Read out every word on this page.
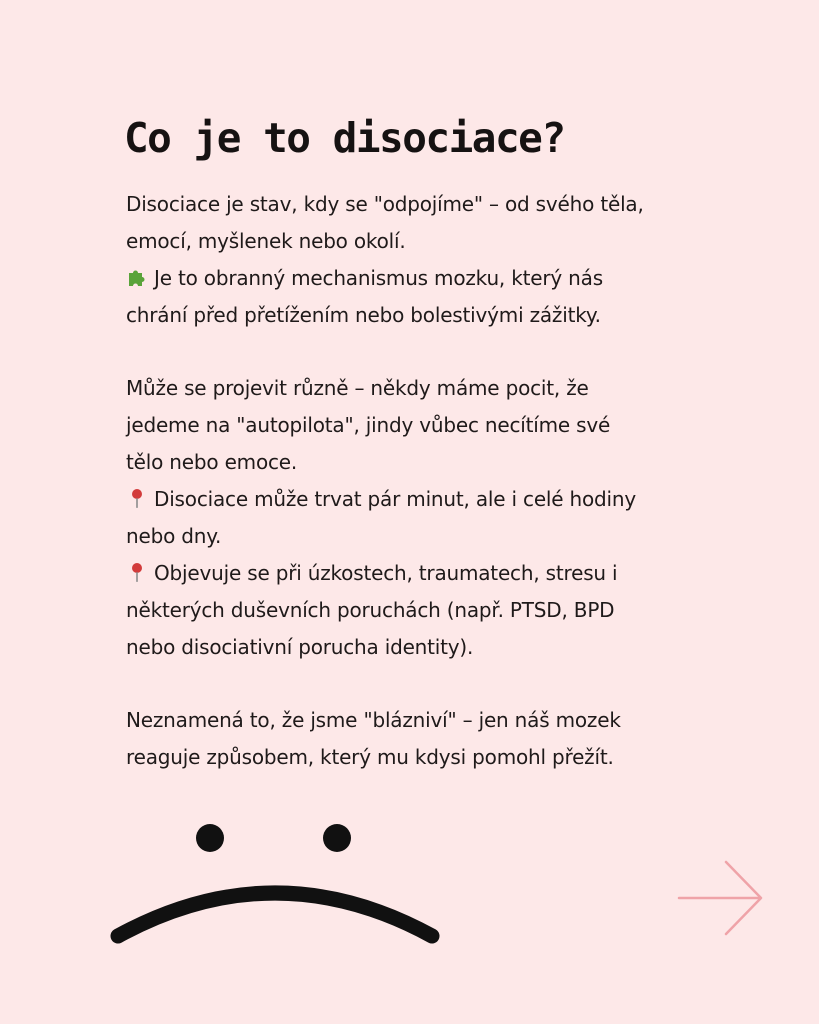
Co je to disociace?
Disociace je stav, kdy se "odpojíme" – od svého těla,
emocí, myšlenek nebo okolí.
Je to obranný mechanismus mozku, který nás
chrání před přetížením nebo bolestivými zážitky.
Může se projevit různě – někdy máme pocit, že
jedeme na "autopilota", jindy vůbec necítíme své
tělo nebo emoce.
Disociace může trvat pár minut, ale i celé hodiny
nebo dny.
Objevuje se při úzkostech, traumatech, stresu i
některých duševních poruchách (např. PTSD, BPD
nebo disociativní porucha identity).
Neznamená to, že jsme "blázniví" – jen náš mozek
reaguje způsobem, který mu kdysi pomohl přežít.
